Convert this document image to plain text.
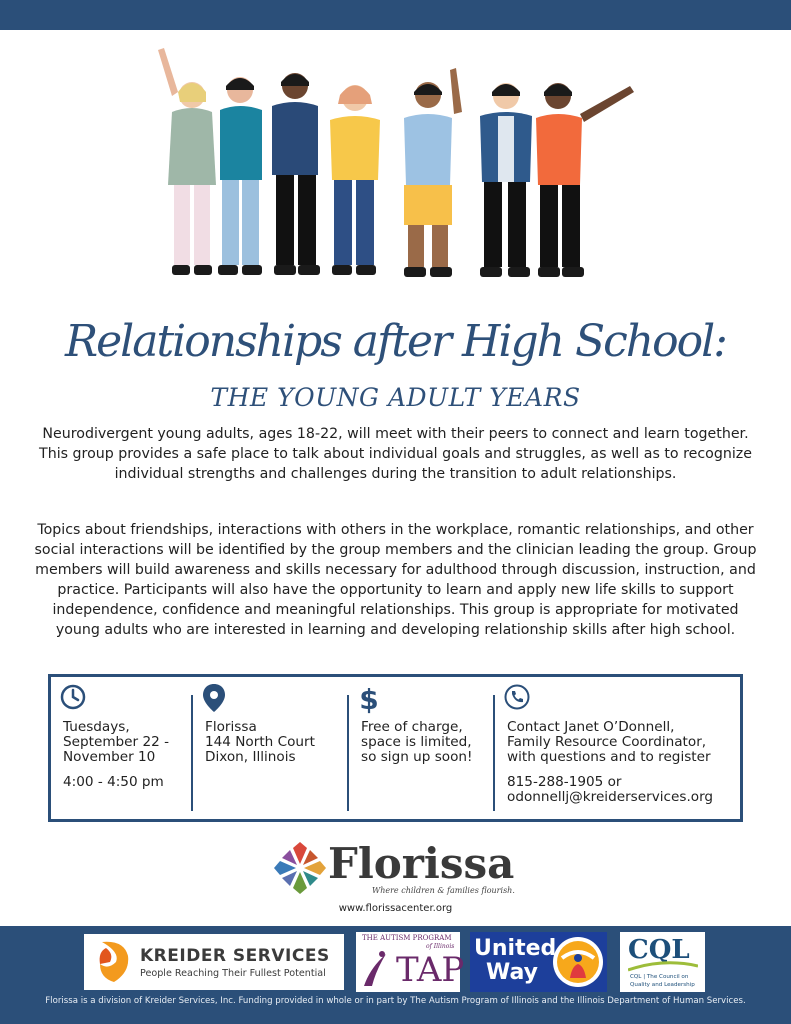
Relationships after High School:
THE YOUNG ADULT YEARS
Neurodivergent young adults, ages 18-22, will meet with their peers to connect and learn together. This group provides a safe place to talk about individual goals and struggles, as well as to recognize individual strengths and challenges during the transition to adult relationships.
Topics about friendships, interactions with others in the workplace, romantic relationships, and other social interactions will be identified by the group members and the clinician leading the group. Group members will build awareness and skills necessary for adulthood through discussion, instruction, and practice. Participants will also have the opportunity to learn and apply new life skills to support independence, confidence and meaningful relationships. This group is appropriate for motivated young adults who are interested in learning and developing relationship skills after high school.
Tuesdays,
September 22 -
November 10
4:00 - 4:50 pm
Florissa
144 North Court
Dixon, Illinois
$
Free of charge,
space is limited,
so sign up soon!
Contact Janet O’Donnell,
Family Resource Coordinator,
with questions and to register
815-288-1905 or
odonnellj@kreiderservices.org
Florissa
Where children & families flourish.
www.florissacenter.org
KREIDER SERVICES
People Reaching Their Fullest Potential
THE AUTISM PROGRAM
of Illinois
TAP
United
Way
CQL
CQL | The Council on
Quality and Leadership
Florissa is a division of Kreider Services, Inc. Funding provided in whole or in part by The Autism Program of Illinois and the Illinois Department of Human Services.
